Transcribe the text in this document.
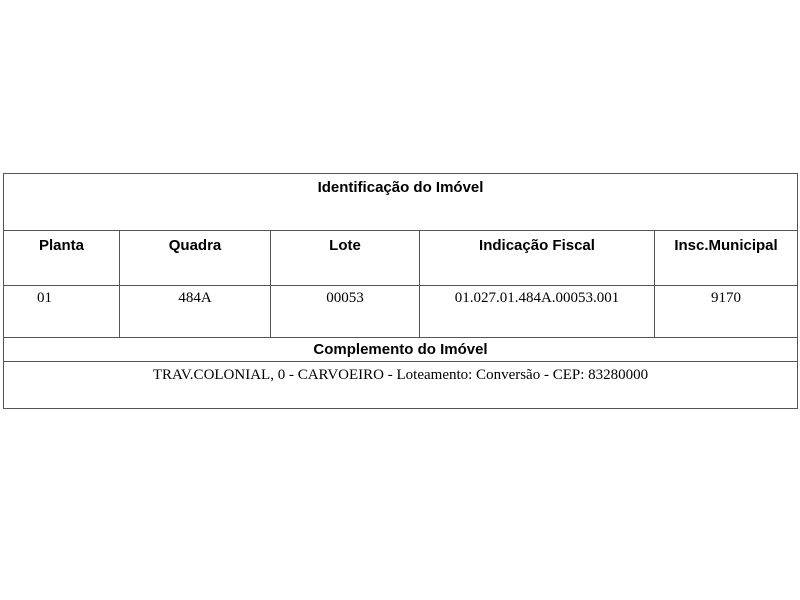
Identificação do Imóvel				
Planta	Quadra	Lote	Indicação Fiscal	Insc.Municipal
01	484A	00053	01.027.01.484A.00053.001	9170
Complemento do Imóvel				
TRAV.COLONIAL, 0 - CARVOEIRO - Loteamento: Conversão - CEP: 83280000				
